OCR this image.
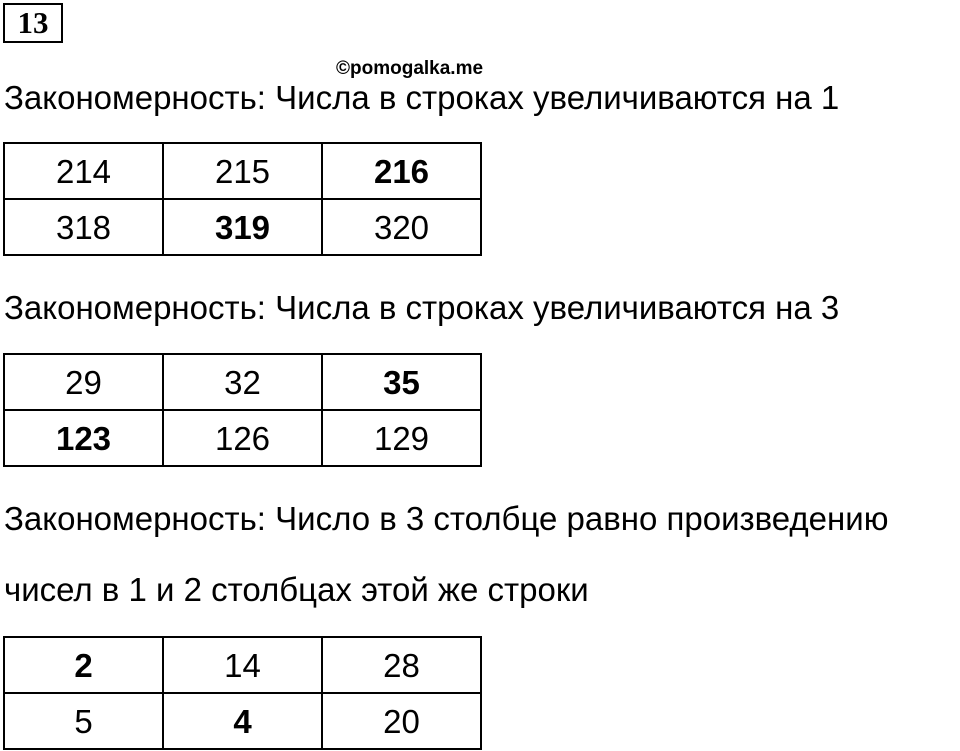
13
©pomogalka.me
Закономерность: Числа в строках увеличиваются на 1
214	215	216
318	319	320
Закономерность: Числа в строках увеличиваются на 3
29	32	35
123	126	129
Закономерность: Число в 3 столбце равно произведению
чисел в 1 и 2 столбцах этой же строки
2	14	28
5	4	20
